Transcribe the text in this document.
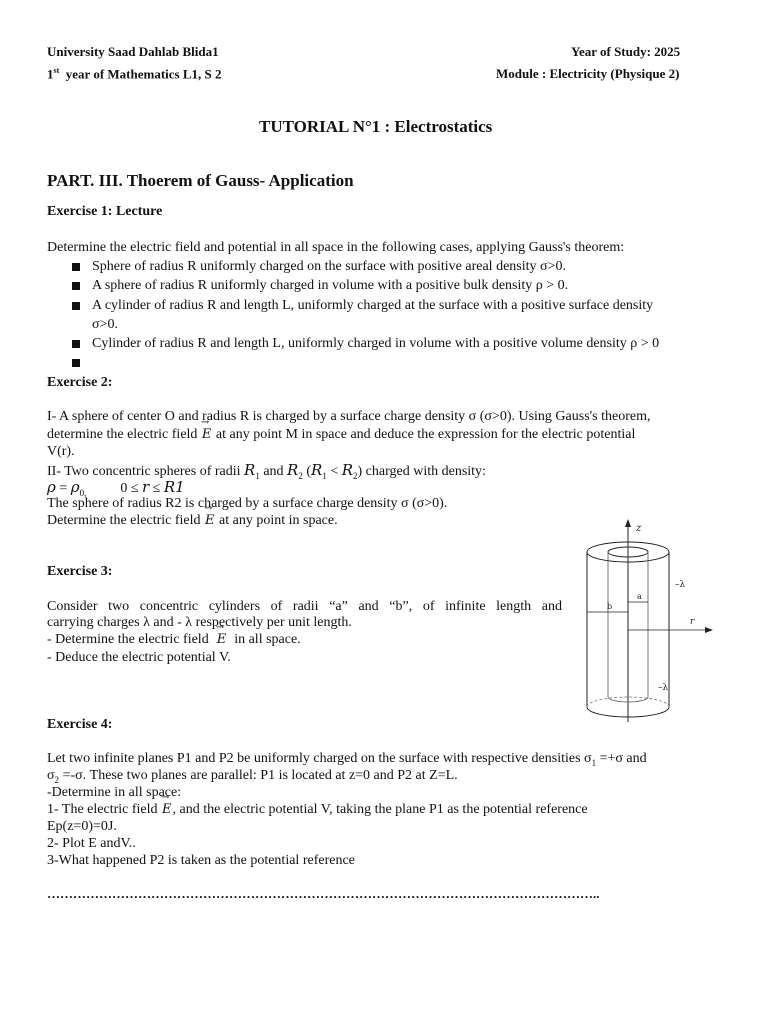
University Saad Dahlab Blida1	Year of Study: 2025
1st year of Mathematics L1, S 2	Module : Electricity (Physique 2)
TUTORIAL N°1 : Electrostatics
PART. III. Thoerem of Gauss- Application
Exercise 1: Lecture
Determine the electric field and potential in all space in the following cases, applying Gauss's theorem:
Sphere of radius R uniformly charged on the surface with positive areal density σ>0.
A sphere of radius R uniformly charged in volume with a positive bulk density ρ > 0.
A cylinder of radius R and length L, uniformly charged at the surface with a positive surface density
σ>0.
Cylinder of radius R and length L, uniformly charged in volume with a positive volume density ρ > 0
Exercise 2:
I- A sphere of center O and radius R is charged by a surface charge density σ (σ>0). Using Gauss's theorem,
determine the electric field → E at any point M in space and deduce the expression for the electric potential
V(r).
II- Two concentric spheres of radii $R_1$ and $R_2$ $(R_1 < R_2)$ charged with density:
$\rho = \rho_{0,}$ 0 ≤ r ≤ R1
The sphere of radius R2 is charged by a surface charge density σ (σ>0).
Determine the electric field → E at any point in space.
Exercise 3:
Consider two concentric cylinders of radii “a” and “b”, of infinite length and
carrying charges λ and - λ respectively per unit length.
- Determine the electric field → E in all space.
- Deduce the electric potential V.
z
a
b
r
–λ
–λ
Exercise 4:
Let two infinite planes P1 and P2 be uniformly charged on the surface with respective densities $\sigma_1 =+\sigma$ and
$\sigma_2 =-\sigma$. These two planes are parallel: P1 is located at z=0 and P2 at Z=L.
-Determine in all space:
1- The electric field → E, and the electric potential V, taking the plane P1 as the potential reference
Ep(z=0)=0J.
2- Plot E andV..
3-What happened P2 is taken as the potential reference
………………………………………………………………………………………………………………..
